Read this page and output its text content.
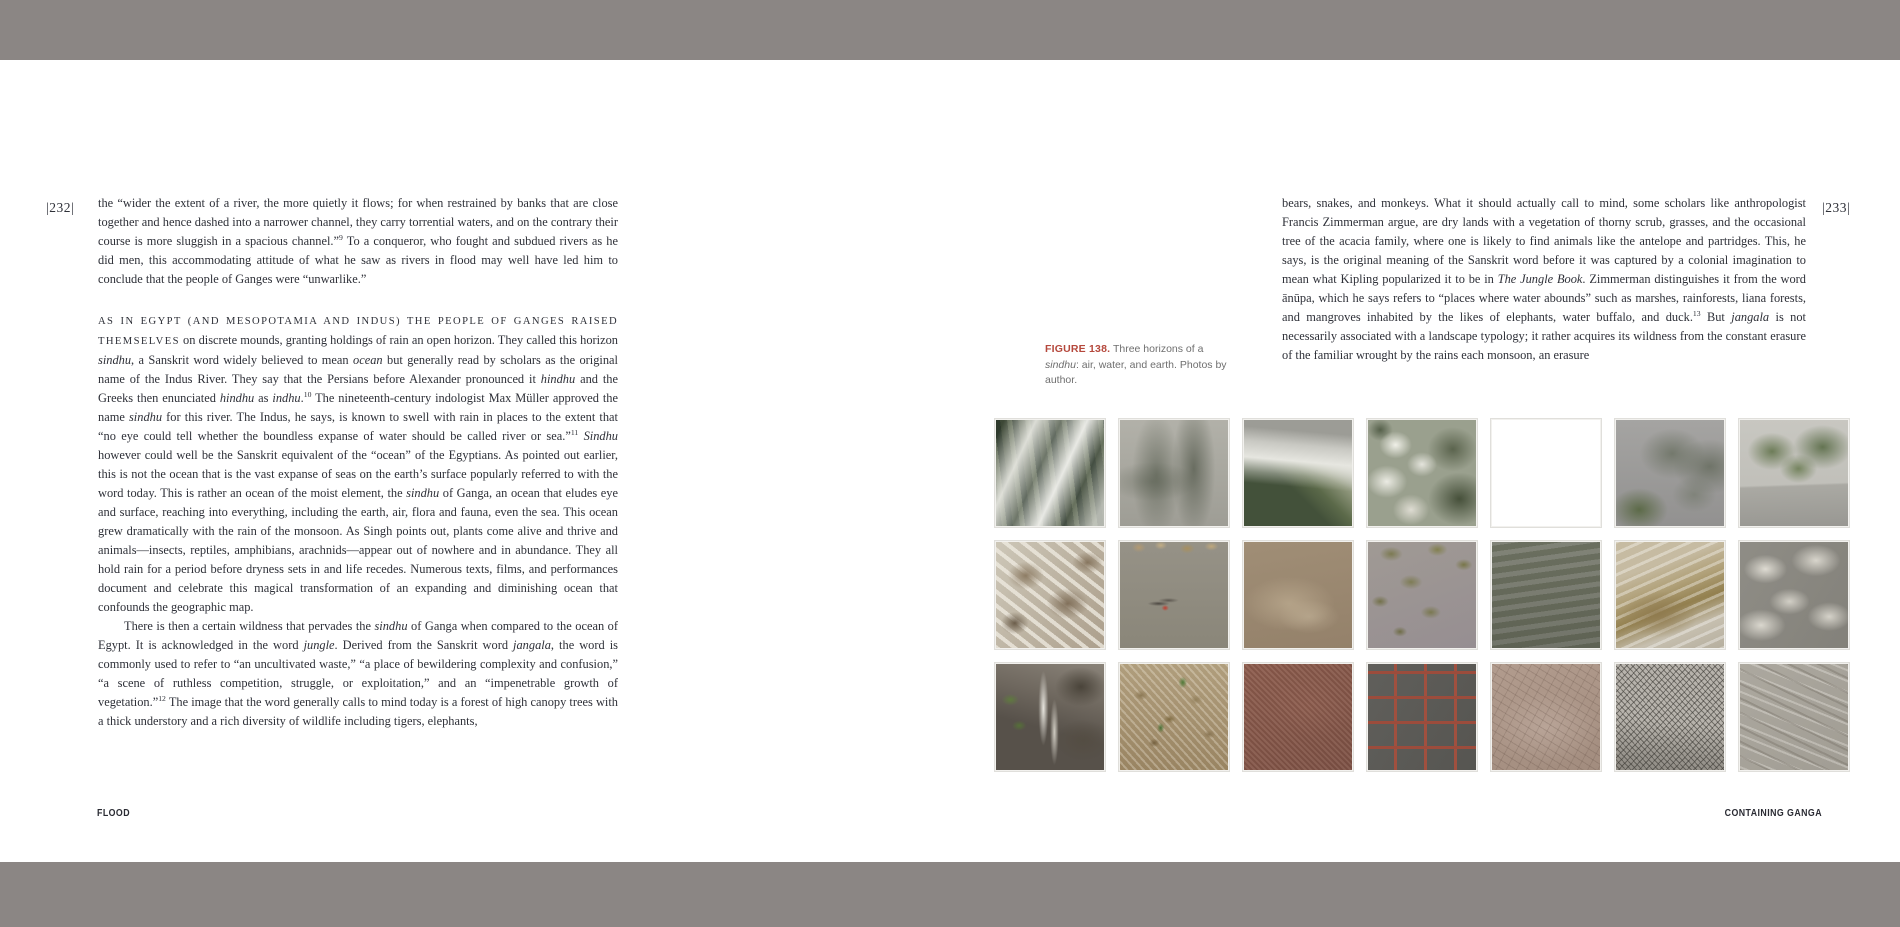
|232| the “wider the extent of a river, the more quietly it flows; for when restrained by banks that are close together and hence dashed into a narrower channel, they carry torrential waters, and on the contrary their course is more sluggish in a spacious channel.”$^9$ To a conqueror, who fought and subdued rivers as he did men, this accommodating attitude of what he saw as rivers in flood may well have led him to conclude that the people of Ganges were “unwarlike.”

AS IN EGYPT (AND MESOPOTAMIA AND INDUS) THE PEOPLE OF GANGES RAISED THEMSELVES on discrete mounds, granting holdings of rain an open horizon. They called this horizon sindhu, a Sanskrit word widely believed to mean ocean but generally read by scholars as the original name of the Indus River. They say that the Persians before Alexander pronounced it hindhu and the Greeks then enunciated hindhu as indhu.$^{10}$ The nineteenth-century indologist Max Müller approved the name sindhu for this river. The Indus, he says, is known to swell with rain in places to the extent that “no eye could tell whether the boundless expanse of water should be called river or sea.”$^{11}$ Sindhu however could well be the Sanskrit equivalent of the “ocean” of the Egyptians. As pointed out earlier, this is not the ocean that is the vast expanse of seas on the earth’s surface popularly referred to with the word today. This is rather an ocean of the moist element, the sindhu of Ganga, an ocean that eludes eye and surface, reaching into everything, including the earth, air, flora and fauna, even the sea. This ocean grew dramatically with the rain of the monsoon. As Singh points out, plants come alive and thrive and animals—insects, reptiles, amphibians, arachnids—appear out of nowhere and in abundance. They all hold rain for a period before dryness sets in and life recedes. Numerous texts, films, and performances document and celebrate this magical transformation of an expanding and diminishing ocean that confounds the geographic map.

There is then a certain wildness that pervades the sindhu of Ganga when compared to the ocean of Egypt. It is acknowledged in the word jungle. Derived from the Sanskrit word jangala, the word is commonly used to refer to “an uncultivated waste,” “a place of bewildering complexity and confusion,” “a scene of ruthless competition, struggle, or exploitation,” and an “impenetrable growth of vegetation.”$^{12}$ The image that the word generally calls to mind today is a forest of high canopy trees with a thick understory and a rich diversity of wildlife including tigers, elephants,

FLOOD
|233|

bears, snakes, and monkeys. What it should actually call to mind, some scholars like anthropologist Francis Zimmerman argue, are dry lands with a vegetation of thorny scrub, grasses, and the occasional tree of the acacia family, where one is likely to find animals like the antelope and partridges. This, he says, is the original meaning of the Sanskrit word before it was captured by a colonial imagination to mean what Kipling popularized it to be in The Jungle Book. Zimmerman distinguishes it from the word ānūpa, which he says refers to “places where water abounds” such as marshes, rainforests, liana forests, and mangroves inhabited by the likes of elephants, water buffalo, and duck.$^{13}$ But jangala is not necessarily associated with a landscape typology; it rather acquires its wildness from the constant erasure of the familiar wrought by the rains each monsoon, an erasure

FIGURE 138. Three horizons of a sindhu: air, water, and earth. Photos by author.
CONTAINING GANGA
